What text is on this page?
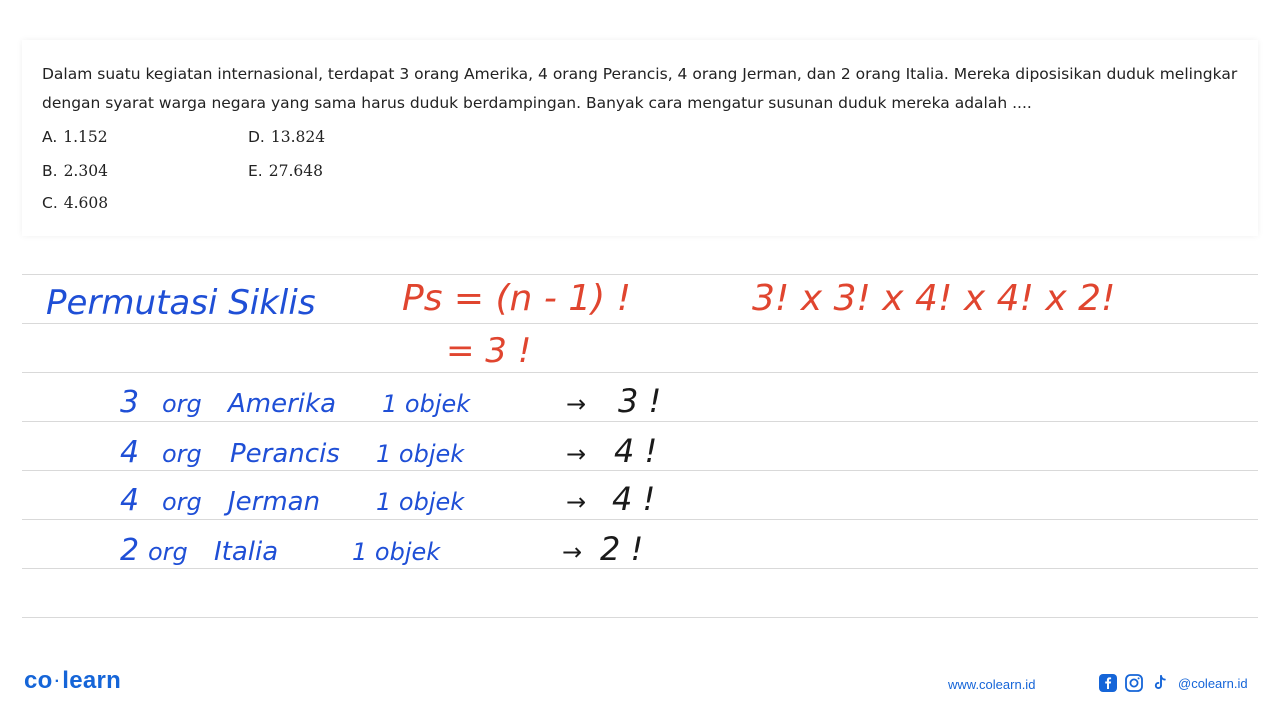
Dalam suatu kegiatan internasional, terdapat 3 orang Amerika, 4 orang Perancis, 4 orang Jerman, dan 2 orang Italia. Mereka diposisikan duduk melingkar dengan syarat warga negara yang sama harus duduk berdampingan. Banyak cara mengatur susunan duduk mereka adalah ....

A. 1.152
B. 2.304
C. 4.608
D. 13.824
E. 27.648
Permutasi Siklis Ps = (n - 1) !
= 3 !
3! x 3! x 4! x 4! x 2!
3 org Amerika 1 objek	→ 3 !
4 org Perancis 1 objek	→ 4 !
4 org Jerman 1 objek	→ 4 !
2 org Italia	1 objek	→ 2 !
co ·learn	www.colearn.id	@colearn.id
